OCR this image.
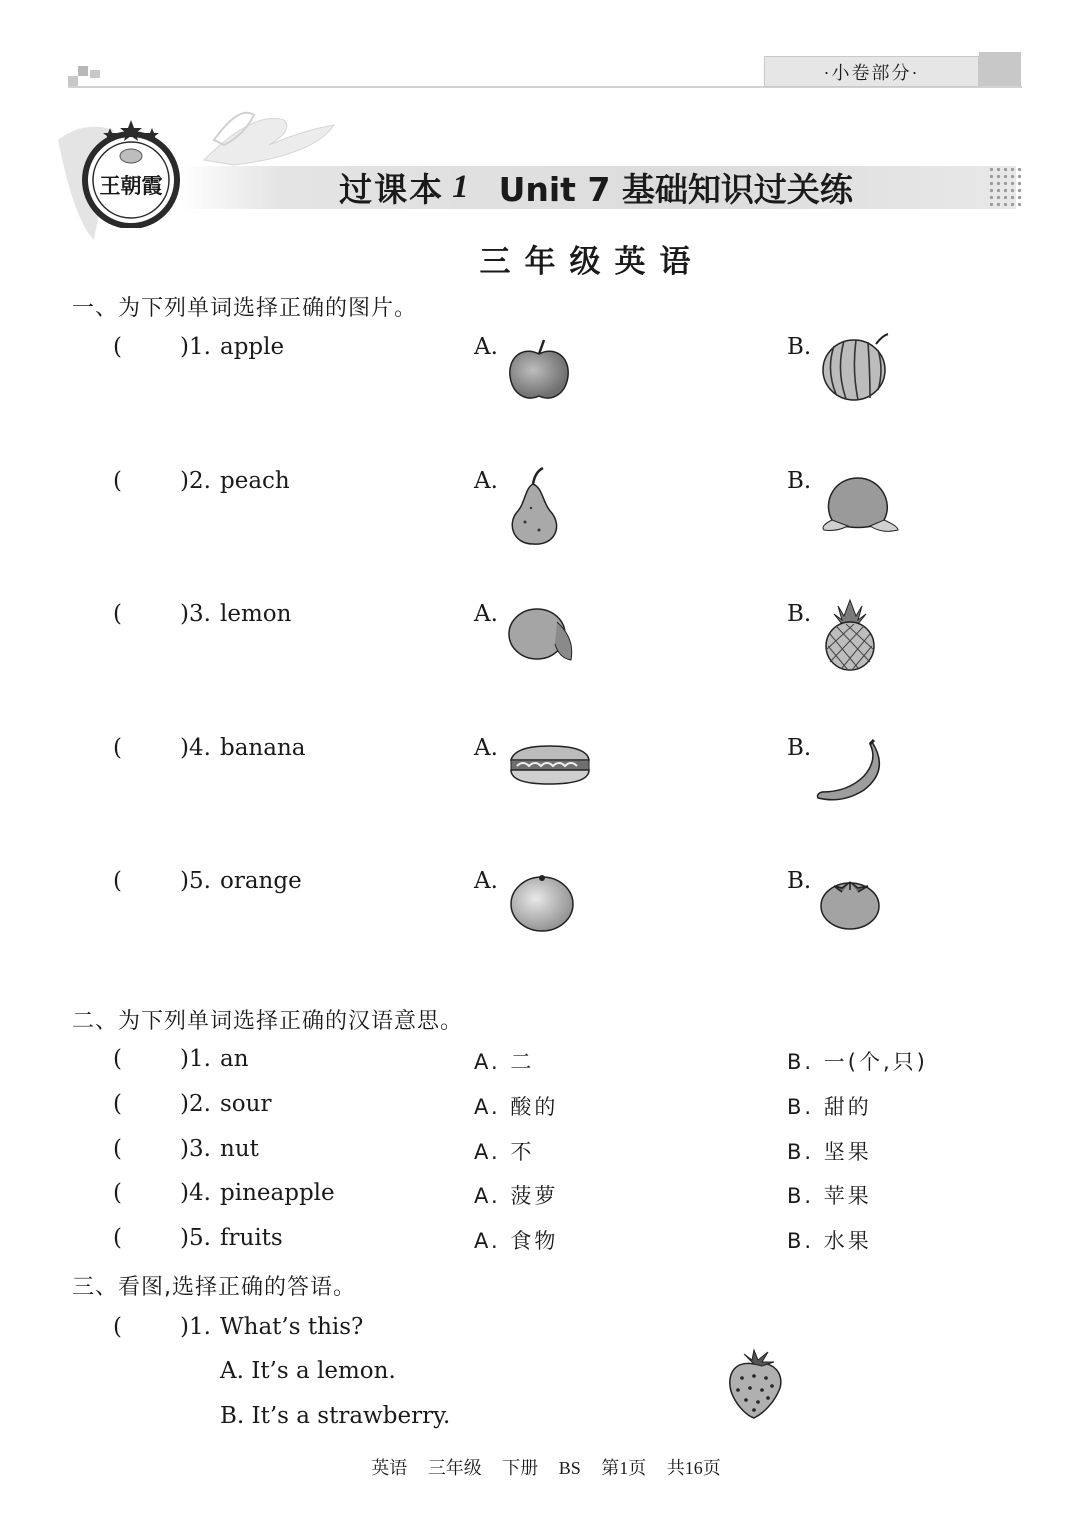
·小卷部分·
王朝霞	过课本 1 Unit 7 基础知识过关练
三年级英语
一、为下列单词选择正确的图片。
(	)1. apple	A.	B.
(	)2. peach	A.	B.
(	)3. lemon	A.	B.
(	)4. banana	A.	B.
(	)5. orange	A.	B.
二、为下列单词选择正确的汉语意思。
(	)1. an	A. 二	B. 一(个,只)
(	)2. sour	A. 酸的	B. 甜的
(	)3. nut	A. 不	B. 坚果
(	)4. pineapple	A. 菠萝	B. 苹果
(	)5. fruits	A. 食物	B. 水果
三、看图,选择正确的答语。
(	)1. What’s this?
A. It’s a lemon.
B. It’s a strawberry.
英语 三年级 下册 BS 第1页 共16页
